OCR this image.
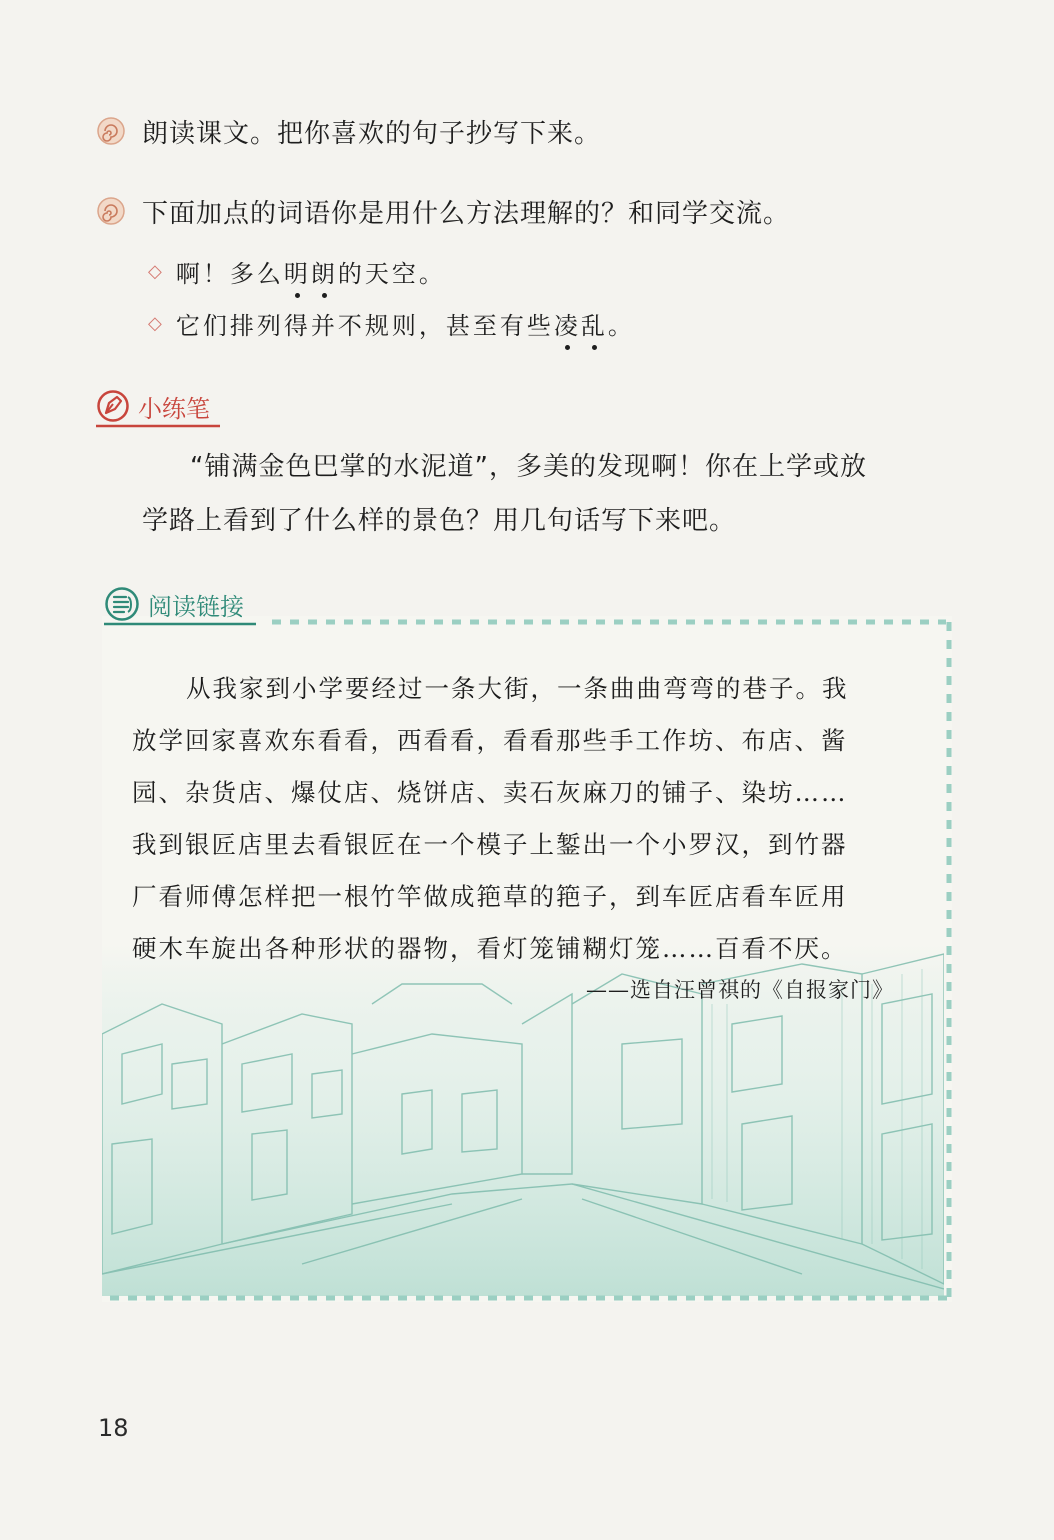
朗读课文。把你喜欢的句子抄写下来。
下面加点的词语你是用什么方法理解的？和同学交流。
◇ 啊！多么明朗的天空。
◇ 它们排列得并不规则，甚至有些凌乱。
小练笔
“铺满金色巴掌的水泥道”，多美的发现啊！你在上学或放
学路上看到了什么样的景色？用几句话写下来吧。
阅读链接
从我家到小学要经过一条大街，一条曲曲弯弯的巷子。我
放学回家喜欢东看看，西看看，看看那些手工作坊、布店、酱
园、杂货店、爆仗店、烧饼店、卖石灰麻刀的铺子、染坊……
我到银匠店里去看银匠在一个模子上錾出一个小罗汉，到竹器
厂看师傅怎样把一根竹竿做成筢草的筢子，到车匠店看车匠用
硬木车旋出各种形状的器物，看灯笼铺糊灯笼……百看不厌。
——选自汪曾祺的《自报家门》
18
